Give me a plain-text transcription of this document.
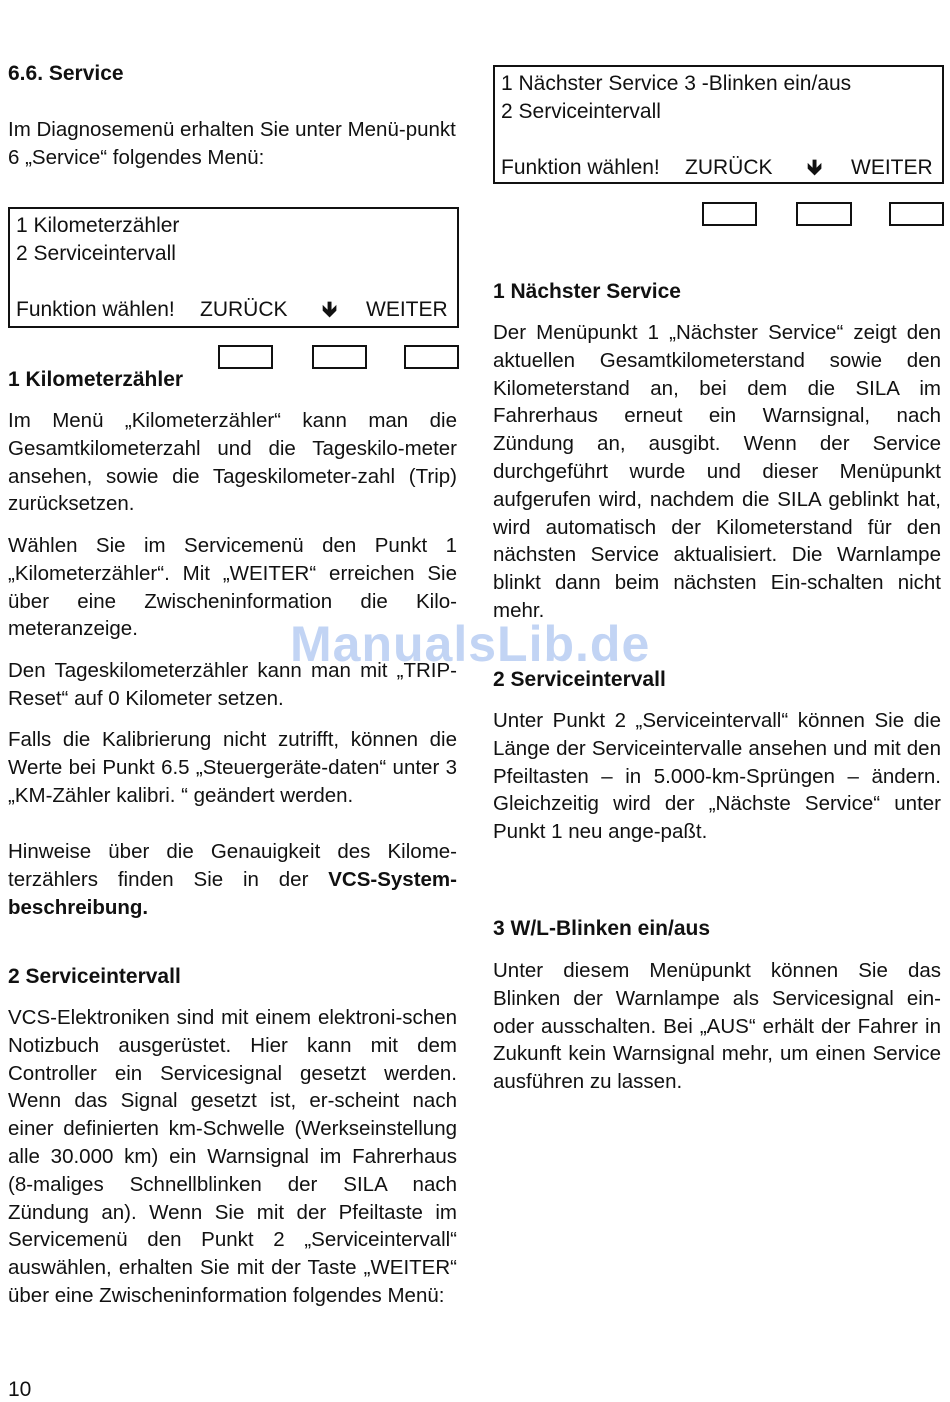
6.6. Service

Im Diagnosemenü erhalten Sie unter Menü-punkt 6 „Service“ folgendes Menü:

1 Kilometerzähler
2 Serviceintervall
Funktion wählen! ZURÜCK 🡻 WEITER
1 Kilometerzähler

Im Menü „Kilometerzähler“ kann man die Gesamtkilometerzahl und die Tageskilo-meter ansehen, sowie die Tageskilometer-zahl (Trip) zurücksetzen.

Wählen Sie im Servicemenü den Punkt 1 „Kilometerzähler“. Mit „WEITER“ erreichen Sie über eine Zwischeninformation die Kilo-meteranzeige.

Den Tageskilometerzähler kann man mit „TRIP-Reset“ auf 0 Kilometer setzen.

Falls die Kalibrierung nicht zutrifft, können die Werte bei Punkt 6.5 „Steuergeräte-daten“ unter 3 „KM-Zähler kalibri. “ geändert werden.

Hinweise über die Genauigkeit des Kilome-terzählers finden Sie in der VCS-System-beschreibung.

2 Serviceintervall

VCS-Elektroniken sind mit einem elektroni-schen Notizbuch ausgerüstet. Hier kann mit dem Controller ein Servicesignal gesetzt werden. Wenn das Signal gesetzt ist, er-scheint nach einer definierten km-Schwelle (Werkseinstellung alle 30.000 km) ein Warnsignal im Fahrerhaus (8-maliges Schnellblinken der SILA nach Zündung an). Wenn Sie mit der Pfeiltaste im Servicemenü den Punkt 2 „Serviceintervall“ auswählen, erhalten Sie mit der Taste „WEITER“ über eine Zwischeninformation folgendes Menü:

1 Nächster Service 3 -Blinken ein/aus
2 Serviceintervall
Funktion wählen! ZURÜCK 🡻 WEITER
1 Nächster Service

Der Menüpunkt 1 „Nächster Service“ zeigt den aktuellen Gesamtkilometerstand sowie den Kilometerstand an, bei dem die SILA im Fahrerhaus erneut ein Warnsignal, nach Zündung an, ausgibt. Wenn der Service durchgeführt wurde und dieser Menüpunkt aufgerufen wird, nachdem die SILA geblinkt hat, wird automatisch der Kilometerstand für den nächsten Service aktualisiert. Die Warnlampe blinkt dann beim nächsten Ein-schalten nicht mehr.

2 Serviceintervall

Unter Punkt 2 „Serviceintervall“ können Sie die Länge der Serviceintervalle ansehen und mit den Pfeiltasten – in 5.000-km-Sprüngen – ändern. Gleichzeitig wird der „Nächste Service“ unter Punkt 1 neu ange-paßt.

3 W/L-Blinken ein/aus

Unter diesem Menüpunkt können Sie das Blinken der Warnlampe als Servicesignal ein- oder ausschalten. Bei „AUS“ erhält der Fahrer in Zukunft kein Warnsignal mehr, um einen Service ausführen zu lassen.

ManualsLib.de
10
